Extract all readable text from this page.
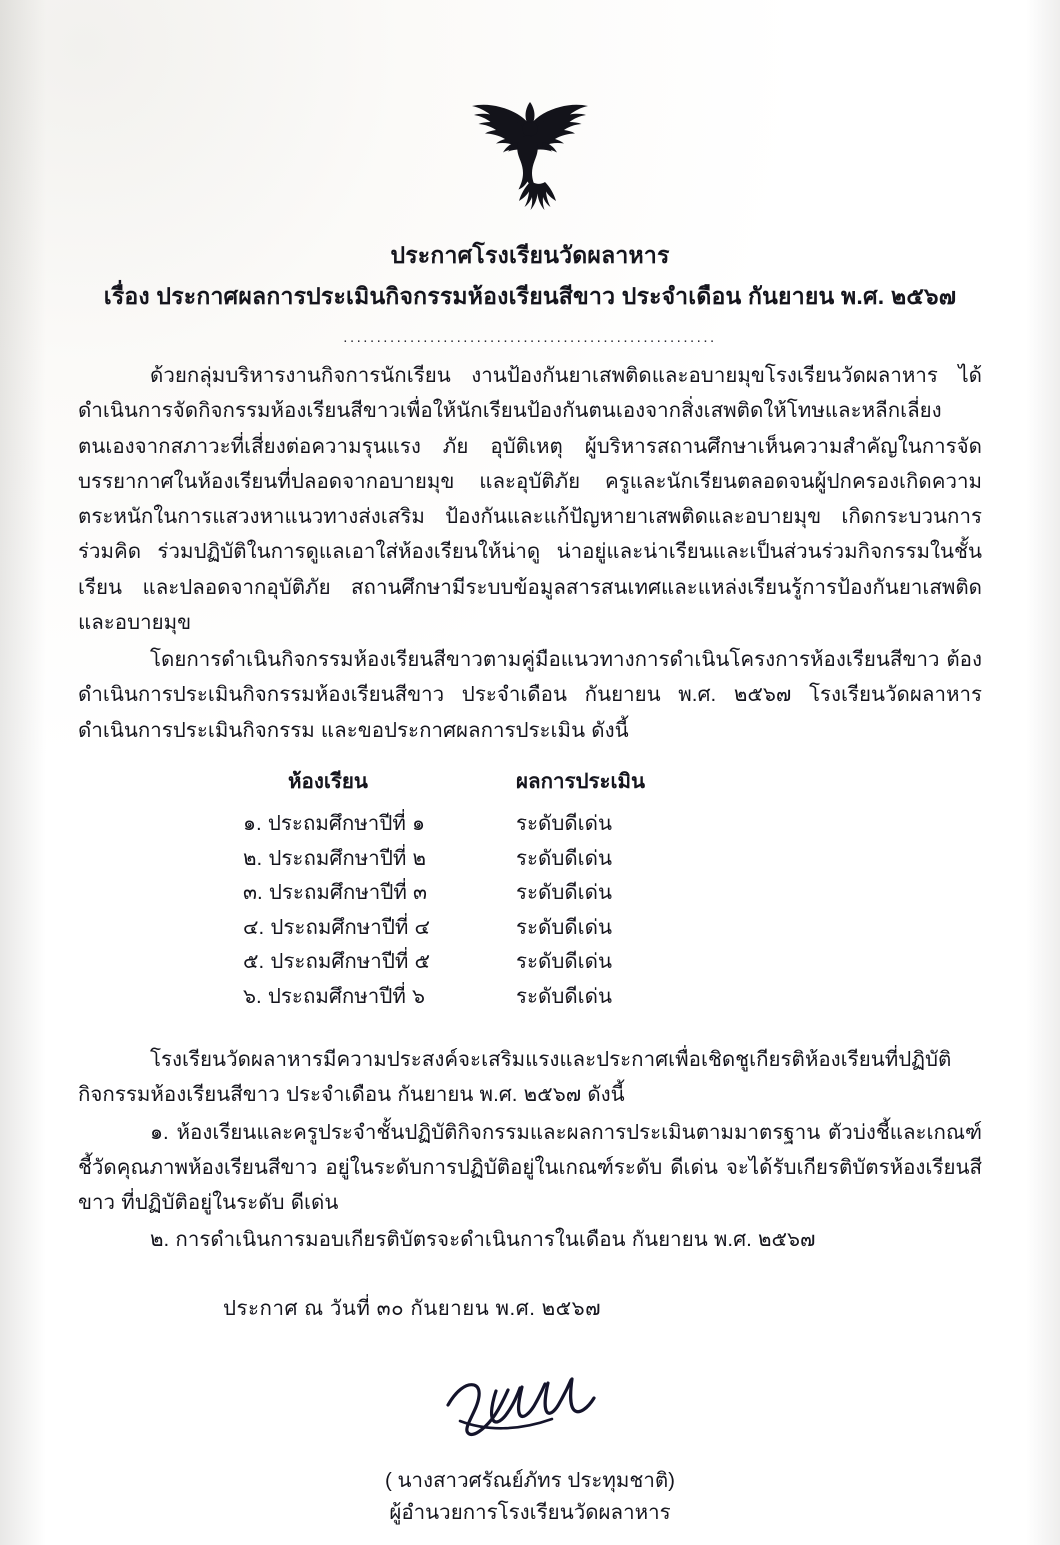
ประกาศโรงเรียนวัดผลาหาร
เรื่อง ประกาศผลการประเมินกิจกรรมห้องเรียนสีขาว ประจำเดือน กันยายน พ.ศ. ๒๕๖๗
........................................................

ด้วยกลุ่มบริหารงานกิจการนักเรียน งานป้องกันยาเสพติดและอบายมุขโรงเรียนวัดผลาหาร ได้ดำเนินการจัดกิจกรรมห้องเรียนสีขาวเพื่อให้นักเรียนป้องกันตนเองจากสิ่งเสพติดให้โทษและหลีกเลี่ยงตนเองจากสภาวะที่เสี่ยงต่อความรุนแรง ภัย อุบัติเหตุ ผู้บริหารสถานศึกษาเห็นความสำคัญในการจัดบรรยากาศในห้องเรียนที่ปลอดจากอบายมุข และอุบัติภัย ครูและนักเรียนตลอดจนผู้ปกครองเกิดความตระหนักในการแสวงหาแนวทางส่งเสริม ป้องกันและแก้ปัญหายาเสพติดและอบายมุข เกิดกระบวนการร่วมคิด ร่วมปฏิบัติในการดูแลเอาใส่ห้องเรียนให้น่าดู น่าอยู่และน่าเรียนและเป็นส่วนร่วมกิจกรรมในชั้นเรียน และปลอดจากอุบัติภัย สถานศึกษามีระบบข้อมูลสารสนเทศและแหล่งเรียนรู้การป้องกันยาเสพติดและอบายมุข

โดยการดำเนินกิจกรรมห้องเรียนสีขาวตามคู่มือแนวทางการดำเนินโครงการห้องเรียนสีขาว ต้องดำเนินการประเมินกิจกรรมห้องเรียนสีขาว ประจำเดือน กันยายน พ.ศ. ๒๕๖๗ โรงเรียนวัดผลาหารดำเนินการประเมินกิจกรรม และขอประกาศผลการประเมิน ดังนี้

ห้องเรียน	ผลการประเมิน
๑. ประถมศึกษาปีที่ ๑	ระดับดีเด่น
๒. ประถมศึกษาปีที่ ๒	ระดับดีเด่น
๓. ประถมศึกษาปีที่ ๓	ระดับดีเด่น
๔. ประถมศึกษาปีที่ ๔	ระดับดีเด่น
๕. ประถมศึกษาปีที่ ๕	ระดับดีเด่น
๖. ประถมศึกษาปีที่ ๖	ระดับดีเด่น

โรงเรียนวัดผลาหารมีความประสงค์จะเสริมแรงและประกาศเพื่อเชิดชูเกียรติห้องเรียนที่ปฏิบัติกิจกรรมห้องเรียนสีขาว ประจำเดือน กันยายน พ.ศ. ๒๕๖๗ ดังนี้

๑. ห้องเรียนและครูประจำชั้นปฏิบัติกิจกรรมและผลการประเมินตามมาตรฐาน ตัวบ่งชี้และเกณฑ์ชี้วัดคุณภาพห้องเรียนสีขาว อยู่ในระดับการปฏิบัติอยู่ในเกณฑ์ระดับ ดีเด่น จะได้รับเกียรติบัตรห้องเรียนสีขาว ที่ปฏิบัติอยู่ในระดับ ดีเด่น

๒. การดำเนินการมอบเกียรติบัตรจะดำเนินการในเดือน กันยายน พ.ศ. ๒๕๖๗

ประกาศ ณ วันที่ ๓๐ กันยายน พ.ศ. ๒๕๖๗
( นางสาวศรัณย์ภัทร ประทุมชาติ)
ผู้อำนวยการโรงเรียนวัดผลาหาร
